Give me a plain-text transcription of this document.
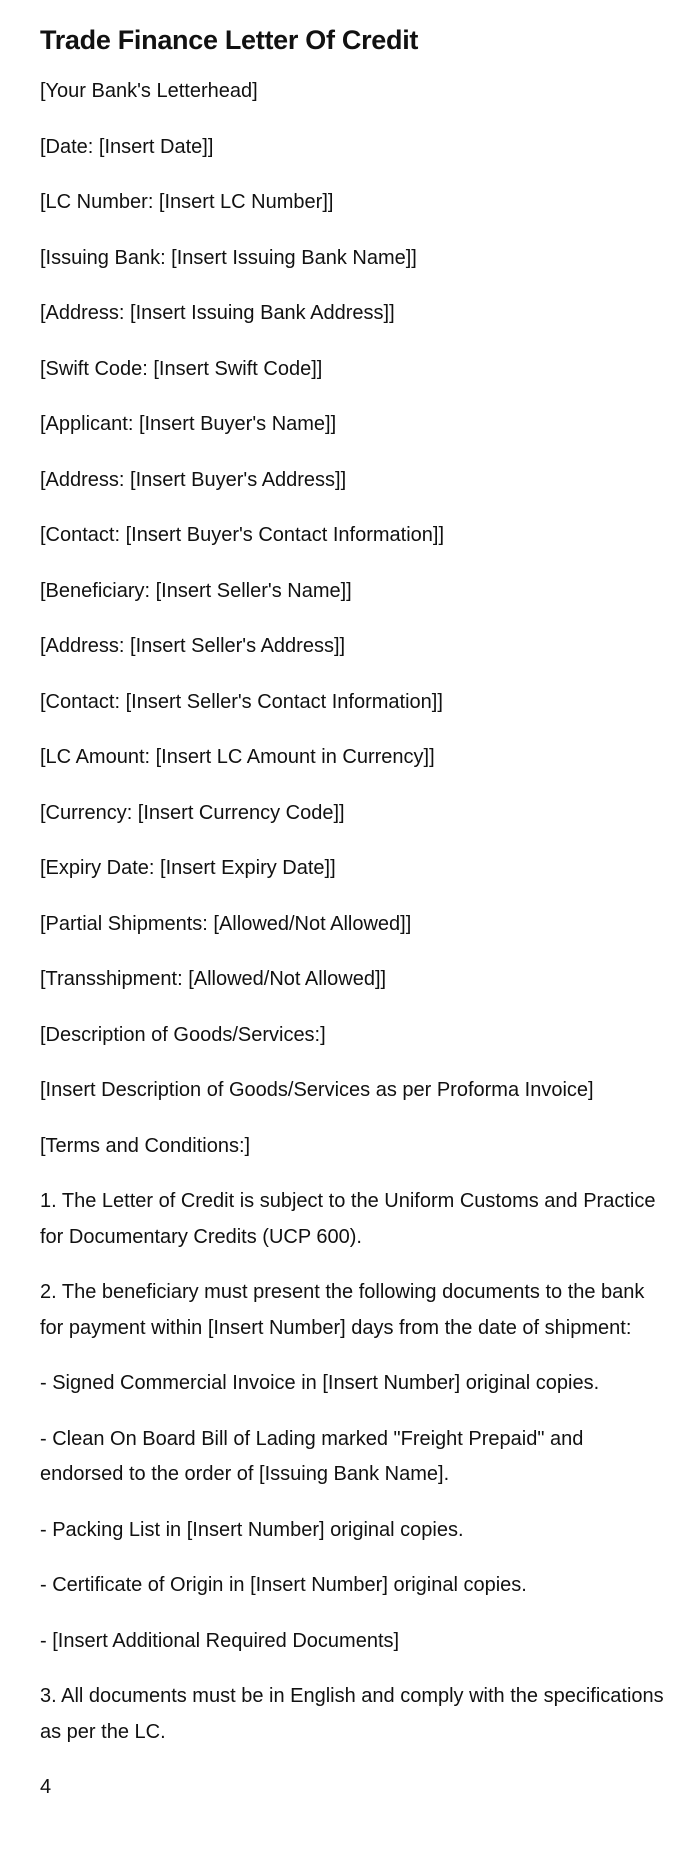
Trade Finance Letter Of Credit

[Your Bank's Letterhead]

[Date: [Insert Date]]

[LC Number: [Insert LC Number]]

[Issuing Bank: [Insert Issuing Bank Name]]

[Address: [Insert Issuing Bank Address]]

[Swift Code: [Insert Swift Code]]

[Applicant: [Insert Buyer's Name]]

[Address: [Insert Buyer's Address]]

[Contact: [Insert Buyer's Contact Information]]

[Beneficiary: [Insert Seller's Name]]

[Address: [Insert Seller's Address]]

[Contact: [Insert Seller's Contact Information]]

[LC Amount: [Insert LC Amount in Currency]]

[Currency: [Insert Currency Code]]

[Expiry Date: [Insert Expiry Date]]

[Partial Shipments: [Allowed/Not Allowed]]

[Transshipment: [Allowed/Not Allowed]]

[Description of Goods/Services:]

[Insert Description of Goods/Services as per Proforma Invoice]

[Terms and Conditions:]

1. The Letter of Credit is subject to the Uniform Customs and Practice for Documentary Credits (UCP 600).

2. The beneficiary must present the following documents to the bank for payment within [Insert Number] days from the date of shipment:

- Signed Commercial Invoice in [Insert Number] original copies.

- Clean On Board Bill of Lading marked "Freight Prepaid" and endorsed to the order of [Issuing Bank Name].

- Packing List in [Insert Number] original copies.

- Certificate of Origin in [Insert Number] original copies.

- [Insert Additional Required Documents]

3. All documents must be in English and comply with the specifications as per the LC.

4
